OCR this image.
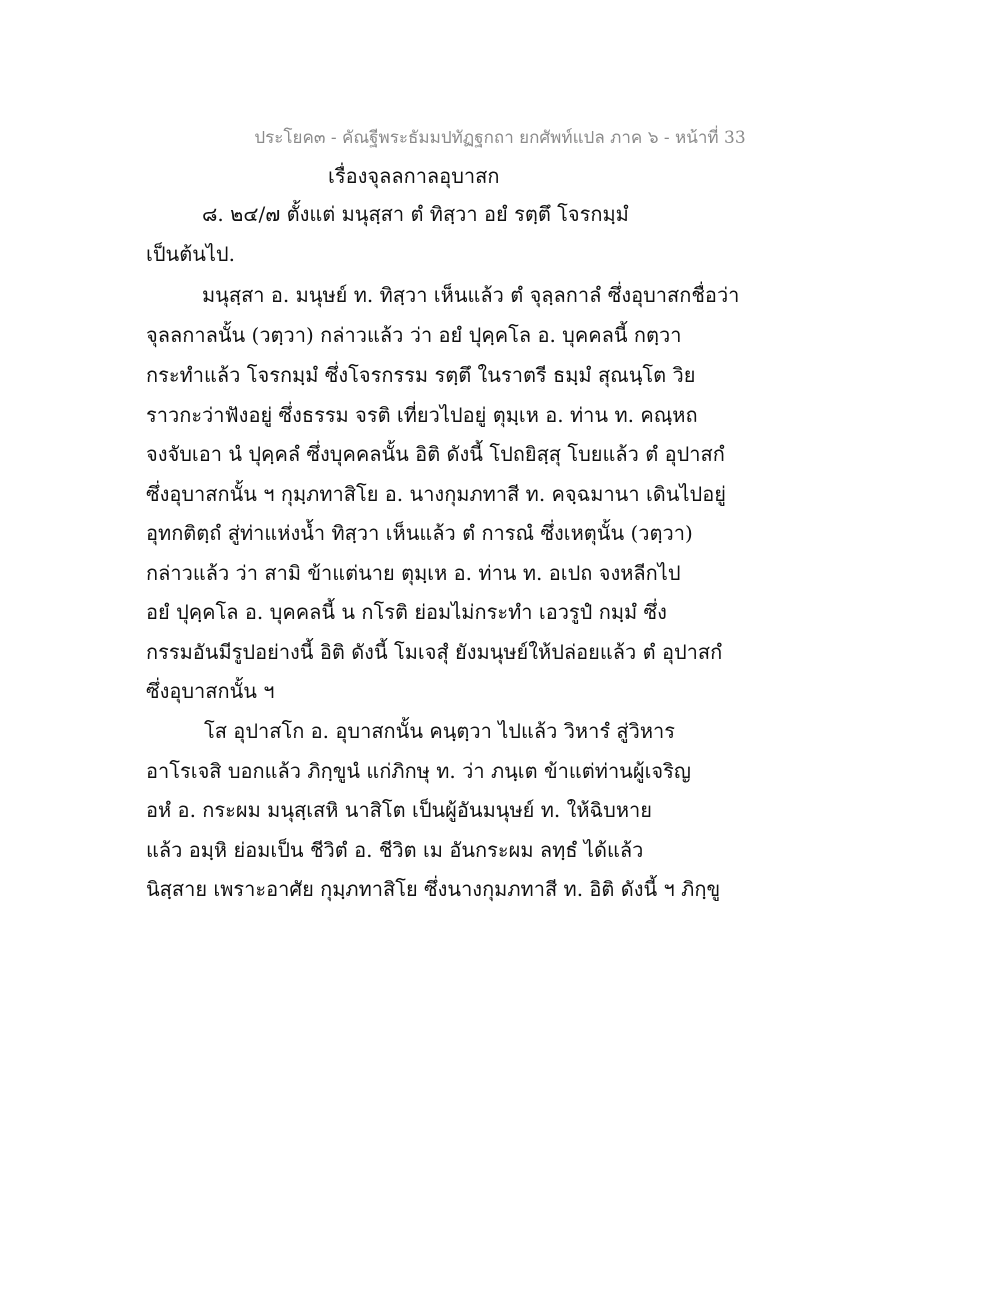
ประโยค๓ - คัณฐีพระธัมมปทัฏฐกถา ยกศัพท์แปล ภาค ๖ - หน้าที่ 33
เรื่องจุลลกาลอุบาสก
๘. ๒๔/๗ ตั้งแต่ มนุสฺสา ตํ ทิสฺวา อยํ รตฺตึ โจรกมฺมํ
เป็นต้นไป.
มนุสฺสา อ. มนุษย์ ท. ทิสฺวา เห็นแล้ว ตํ จุลฺลกาลํ ซึ่งอุบาสกชื่อว่า
จุลลกาลนั้น (วตฺวา) กล่าวแล้ว ว่า อยํ ปุคฺคโล อ. บุคคลนี้ กตฺวา
กระทำแล้ว โจรกมฺมํ ซึ่งโจรกรรม รตฺตึ ในราตรี ธมฺมํ สุณนฺโต วิย
ราวกะว่าฟังอยู่ ซึ่งธรรม จรติ เที่ยวไปอยู่ ตุมฺเห อ. ท่าน ท. คณฺหถ
จงจับเอา นํ ปุคฺคลํ ซึ่งบุคคลนั้น อิติ ดังนี้ โปถยิสฺสุ โบยแล้ว ตํ อุปาสกํ
ซึ่งอุบาสกนั้น ฯ กุมฺภทาสิโย อ. นางกุมภทาสี ท. คจฺฉมานา เดินไปอยู่
อุทกติตฺถํ สู่ท่าแห่งน้ำ ทิสฺวา เห็นแล้ว ตํ การณํ ซึ่งเหตุนั้น (วตฺวา)
กล่าวแล้ว ว่า สามิ ข้าแต่นาย ตุมฺเห อ. ท่าน ท. อเปถ จงหลีกไป
อยํ ปุคฺคโล อ. บุคคลนี้ น กโรติ ย่อมไม่กระทำ เอวรูปํ กมฺมํ ซึ่ง
กรรมอันมีรูปอย่างนี้ อิติ ดังนี้ โมเจสุํ ยังมนุษย์ให้ปล่อยแล้ว ตํ อุปาสกํ
ซึ่งอุบาสกนั้น ฯ
โส อุปาสโก อ. อุบาสกนั้น คนฺตฺวา ไปแล้ว วิหารํ สู่วิหาร
อาโรเจสิ บอกแล้ว ภิกฺขูนํ แก่ภิกษุ ท. ว่า ภนฺเต ข้าแต่ท่านผู้เจริญ
อหํ อ. กระผม มนุสฺเสหิ นาสิโต เป็นผู้อันมนุษย์ ท. ให้ฉิบหาย
แล้ว อมฺหิ ย่อมเป็น ชีวิตํ อ. ชีวิต เม อันกระผม ลทฺธํ ได้แล้ว
นิสฺสาย เพราะอาศัย กุมฺภทาสิโย ซึ่งนางกุมภทาสี ท. อิติ ดังนี้ ฯ ภิกฺขู
